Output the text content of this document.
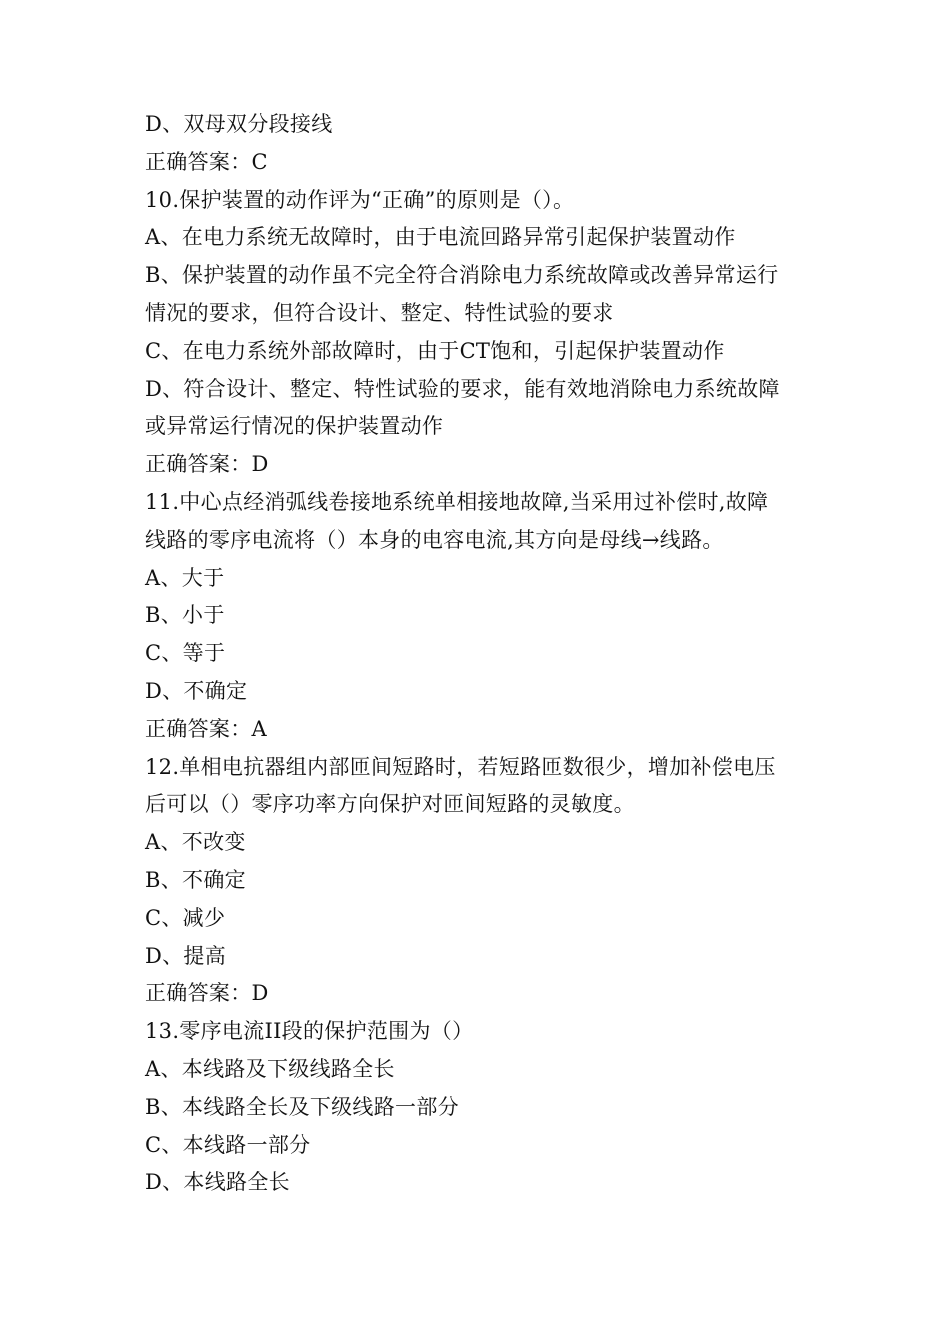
D、双母双分段接线
正确答案：C
10.保护装置的动作评为“正确”的原则是（）。
A、在电力系统无故障时，由于电流回路异常引起保护装置动作
B、保护装置的动作虽不完全符合消除电力系统故障或改善异常运行
情况的要求，但符合设计、整定、特性试验的要求
C、在电力系统外部故障时，由于CT饱和，引起保护装置动作
D、符合设计、整定、特性试验的要求，能有效地消除电力系统故障
或异常运行情况的保护装置动作
正确答案：D
11.中心点经消弧线卷接地系统单相接地故障,当采用过补偿时,故障
线路的零序电流将（）本身的电容电流,其方向是母线→线路。
A、大于
B、小于
C、等于
D、不确定
正确答案：A
12.单相电抗器组内部匝间短路时，若短路匝数很少，增加补偿电压
后可以（）零序功率方向保护对匝间短路的灵敏度。
A、不改变
B、不确定
C、减少
D、提高
正确答案：D
13.零序电流II段的保护范围为（）
A、本线路及下级线路全长
B、本线路全长及下级线路一部分
C、本线路一部分
D、本线路全长
